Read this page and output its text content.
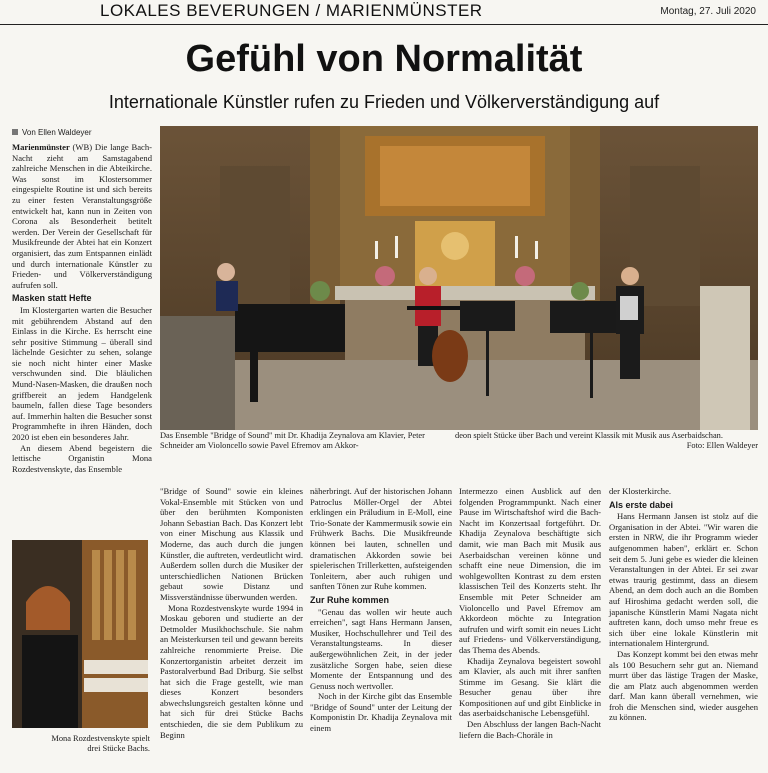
LOKALES BEVERUNGEN / MARIENMÜNSTER	Montag, 27. Juli 2020
Gefühl von Normalität
Internationale Künstler rufen zu Frieden und Völkerverständigung auf
Von Ellen Waldeyer

Marienmünster (WB) Die lange Bach-Nacht zieht am Samstagabend zahlreiche Menschen in die Abteikirche. Was sonst im Klostersommer eingespielte Routine ist und sich bereits zu einer festen Veranstaltungsgröße entwickelt hat, kann nun in Zeiten von Corona als Besonderheit betitelt werden. Der Verein der Gesellschaft für Musikfreunde der Abtei hat ein Konzert organisiert, das zum Entspannen einlädt und durch internationale Künstler zu Frieden- und Völkerverständigung aufrufen soll.

Masken statt Hefte

Im Klostergarten warten die Besucher mit gebührendem Abstand auf den Einlass in die Kirche. Es herrscht eine sehr positive Stimmung – überall sind lächelnde Gesichter zu sehen, solange sie noch nicht hinter einer Maske verschwunden sind. Die bläulichen Mund-Nasen-Masken, die draußen noch griffbereit an jedem Handgelenk baumeln, fallen diese Tage besonders auf. Immerhin halten die Besucher sonst Programmhefte in ihren Händen, doch 2020 ist eben ein besonderes Jahr.

An diesem Abend begeistern die lettische Organistin Mona Rozdestvenskyte, das Ensemble

Das Ensemble "Bridge of Sound" mit Dr. Khadija Zeynalova am Klavier, Peter Schneider am Violoncello sowie Pavel Efremov am Akkor-
deon spielt Stücke über Bach und vereint Klassik mit Musik aus Aserbaidschan.
Foto: Ellen Waldeyer
Mona Rozdestvenskyte spielt drei Stücke Bachs.

"Bridge of Sound" sowie ein kleines Vokal-Ensemble mit Stücken von und über den berühmten Komponisten Johann Sebastian Bach. Das Konzert lebt von einer Mischung aus Klassik und Moderne, das auch durch die jungen Künstler, die auftreten, verdeutlicht wird. Außerdem sollen durch die Musiker der unterschiedlichen Nationen Brücken gebaut sowie Distanz und Missverständnisse überwunden werden.

Mona Rozdestvenskyte wurde 1994 in Moskau geboren und studierte an der Detmolder Musikhochschule. Sie nahm an Meisterkursen teil und gewann bereits zahlreiche renommierte Preise. Die Konzertorganistin arbeitet derzeit im Pastoralverbund Bad Driburg. Sie selbst hat sich die Frage gestellt, wie man dieses Konzert besonders abwechslungsreich gestalten könne und hat sich für drei Stücke Bachs entschieden, die sie dem Publikum zu Beginn

näherbringt. Auf der historischen Johann Patroclus Möller-Orgel der Abtei erklingen ein Präludium in E-Moll, eine Trio-Sonate der Kammermusik sowie ein Frühwerk Bachs. Die Musikfreunde können bei lauten, schnellen und dramatischen Akkorden sowie bei spielerischen Trillerketten, aufsteigenden Tonleitern, aber auch ruhigen und sanften Tönen zur Ruhe kommen.

Zur Ruhe kommen

"Genau das wollen wir heute auch erreichen", sagt Hans Hermann Jansen, Musiker, Hochschullehrer und Teil des Veranstaltungsteams. In dieser außergewöhnlichen Zeit, in der jeder zusätzliche Sorgen habe, seien diese Momente der Entspannung und des Genuss noch wertvoller.

Noch in der Kirche gibt das Ensemble "Bridge of Sound" unter der Leitung der Komponistin Dr. Khadija Zeynalova mit einem

Intermezzo einen Ausblick auf den folgenden Programmpunkt. Nach einer Pause im Wirtschaftshof wird die Bach-Nacht im Konzertsaal fortgeführt. Dr. Khadija Zeynalova beschäftigte sich damit, wie man Bach mit Musik aus Aserbaidschan vereinen könne und schafft eine neue Dimension, die im wohlgewollten Kontrast zu dem ersten klassischen Teil des Konzerts steht. Ihr Ensemble mit Peter Schneider am Violoncello und Pavel Efremov am Akkordeon möchte zu Integration aufrufen und wirft somit ein neues Licht auf Friedens- und Völkerverständigung, das Thema des Abends.

Khadija Zeynalova begeistert sowohl am Klavier, als auch mit ihrer sanften Stimme im Gesang. Sie klärt die Besucher genau über ihre Kompositionen auf und gibt Einblicke in das aserbaidschanische Lebensgefühl.

Den Abschluss der langen Bach-Nacht liefern die Bach-Choräle in

der Klosterkirche.

Als erste dabei

Hans Hermann Jansen ist stolz auf die Organisation in der Abtei. "Wir waren die ersten in NRW, die ihr Programm wieder aufgenommen haben", erklärt er. Schon seit dem 5. Juni gebe es wieder die kleinen Veranstaltungen in der Abtei. Er sei zwar etwas traurig gestimmt, dass an diesem Abend, an dem doch auch an die Bomben auf Hiroshima gedacht werden soll, die japanische Künstlerin Mami Nagata nicht auftreten kann, doch umso mehr freue es sich über eine lokale Künstlerin mit internationalem Hintergrund.

Das Konzept kommt bei den etwas mehr als 100 Besuchern sehr gut an. Niemand murrt über das lästige Tragen der Maske, die am Platz auch abgenommen werden darf. Man kann überall vernehmen, wie froh die Menschen sind, wieder ausgehen zu können.
